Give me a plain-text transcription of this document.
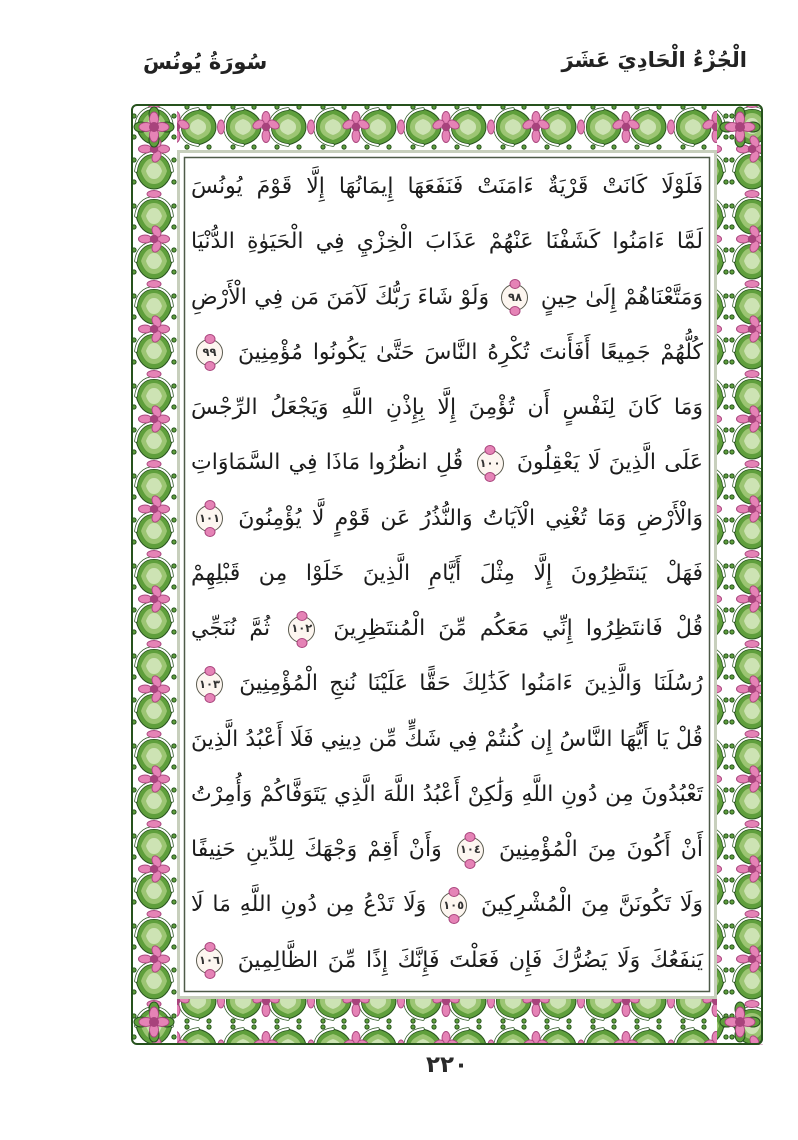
الْجُزْءُ الْحَادِيَ عَشَرَ
سُورَةُ يُونُسَ
فَلَوْلَا كَانَتْ قَرْيَةٌ ءَامَنَتْ فَنَفَعَهَا إِيمَانُهَا إِلَّا قَوْمَ يُونُسَ
لَمَّا ءَامَنُوا كَشَفْنَا عَنْهُمْ عَذَابَ الْخِزْيِ فِي الْحَيَوٰةِ الدُّنْيَا
وَمَتَّعْنَاهُمْ إِلَىٰ حِينٍ
٩٨
وَلَوْ شَاءَ رَبُّكَ لَآمَنَ مَن فِي الْأَرْضِ
كُلُّهُمْ جَمِيعًا أَفَأَنتَ تُكْرِهُ النَّاسَ حَتَّىٰ يَكُونُوا مُؤْمِنِينَ
٩٩
وَمَا كَانَ لِنَفْسٍ أَن تُؤْمِنَ إِلَّا بِإِذْنِ اللَّهِ وَيَجْعَلُ الرِّجْسَ
عَلَى الَّذِينَ لَا يَعْقِلُونَ
١٠٠
قُلِ انظُرُوا مَاذَا فِي السَّمَاوَاتِ
وَالْأَرْضِ وَمَا تُغْنِي الْآيَاتُ وَالنُّذُرُ عَن قَوْمٍ لَّا يُؤْمِنُونَ
١٠١
فَهَلْ يَنتَظِرُونَ إِلَّا مِثْلَ أَيَّامِ الَّذِينَ خَلَوْا مِن قَبْلِهِمْ
قُلْ فَانتَظِرُوا إِنِّي مَعَكُم مِّنَ الْمُنتَظِرِينَ
١٠٢
ثُمَّ نُنَجِّي
رُسُلَنَا وَالَّذِينَ ءَامَنُوا كَذَٰلِكَ حَقًّا عَلَيْنَا نُنجِ الْمُؤْمِنِينَ
١٠٣
قُلْ يَا أَيُّهَا النَّاسُ إِن كُنتُمْ فِي شَكٍّ مِّن دِينِي فَلَا أَعْبُدُ الَّذِينَ
تَعْبُدُونَ مِن دُونِ اللَّهِ وَلَٰكِنْ أَعْبُدُ اللَّهَ الَّذِي يَتَوَفَّاكُمْ وَأُمِرْتُ
أَنْ أَكُونَ مِنَ الْمُؤْمِنِينَ
١٠٤
وَأَنْ أَقِمْ وَجْهَكَ لِلدِّينِ حَنِيفًا
وَلَا تَكُونَنَّ مِنَ الْمُشْرِكِينَ
١٠٥
وَلَا تَدْعُ مِن دُونِ اللَّهِ مَا لَا
يَنفَعُكَ وَلَا يَضُرُّكَ فَإِن فَعَلْتَ فَإِنَّكَ إِذًا مِّنَ الظَّالِمِينَ
١٠٦
٢٢٠
